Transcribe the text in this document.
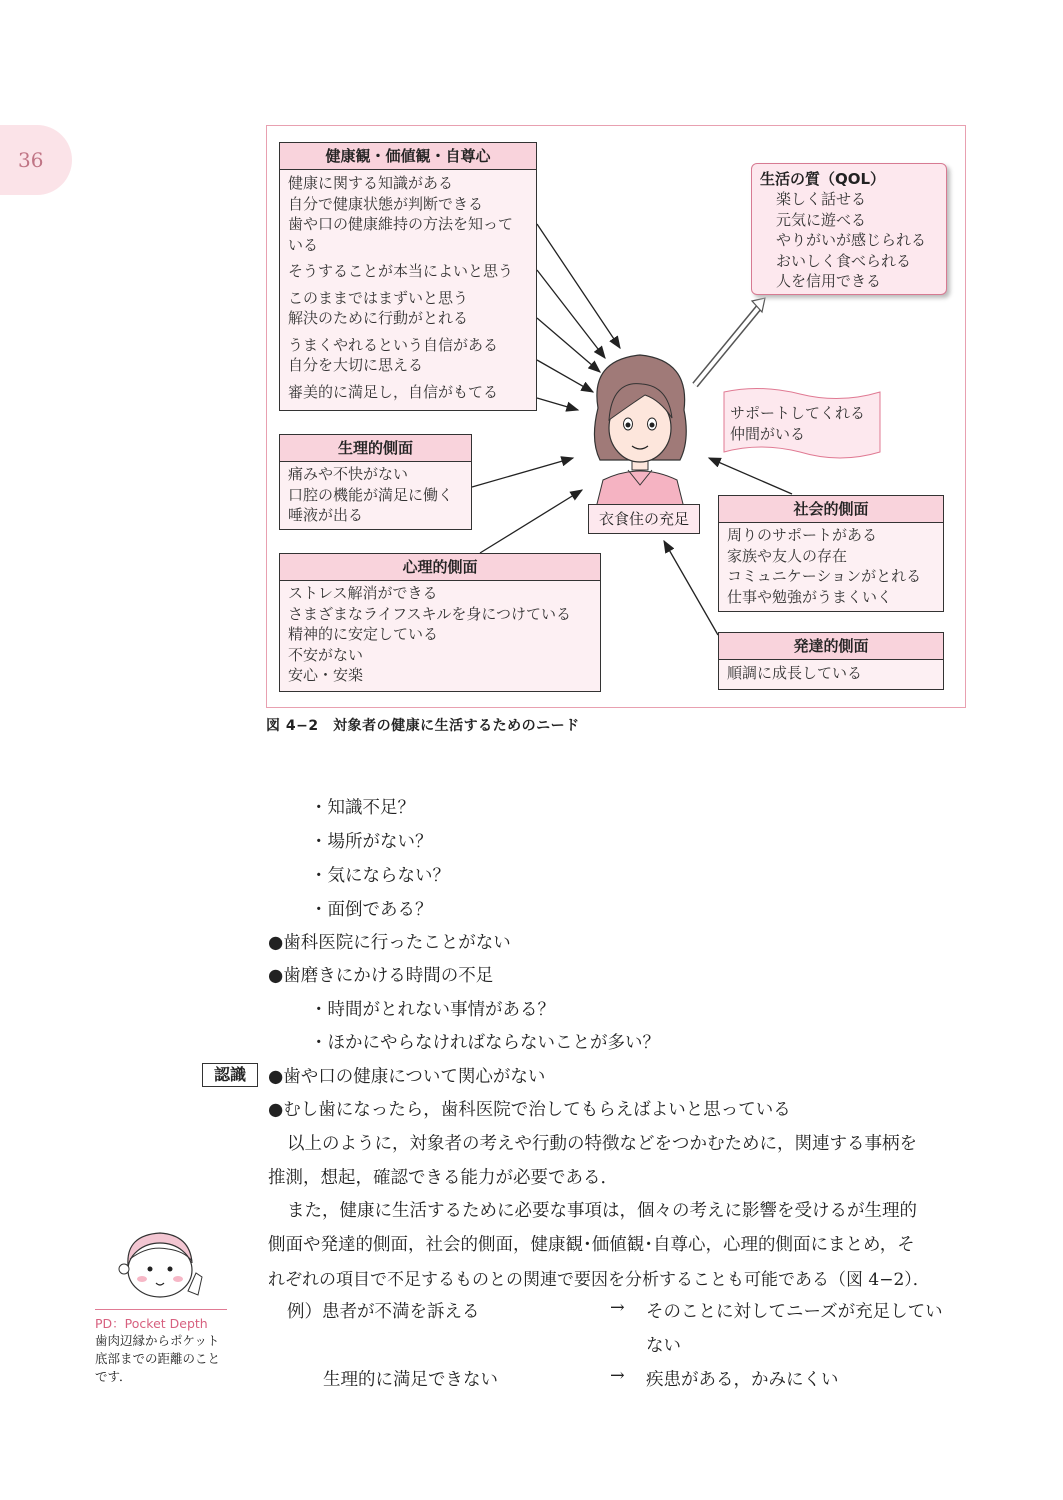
36	健康観・価値観・自尊心
健康に関する知識がある
自分で健康状態が判断できる
歯や口の健康維持の方法を知って
いる
そうすることが本当によいと思う
このままではまずいと思う
解決のために行動がとれる
うまくやれるという自信がある
自分を大切に思える
審美的に満足し，自信がもてる
生理的側面
痛みや不快がない
口腔の機能が満足に働く
唾液が出る
心理的側面
ストレス解消ができる
さまざまなライフスキルを身につけている
精神的に安定している
不安がない
安心・安楽
社会的側面
周りのサポートがある
家族や友人の存在
コミュニケーションがとれる
仕事や勉強がうまくいく
発達的側面
順調に成長している
生活の質（QOL）
楽しく話せる
元気に遊べる
やりがいが感じられる
おいしく食べられる
人を信用できる
サポートしてくれる
仲間がいる
衣食住の充足
図 4−2　対象者の健康に生活するためのニード
・知識不足？
・場所がない？
・気にならない？
・面倒である？
●歯科医院に行ったことがない
●歯磨きにかける時間の不足
・時間がとれない事情がある？
・ほかにやらなければならないことが多い？
認識	●歯や口の健康について関心がない
●むし歯になったら，歯科医院で治してもらえばよいと思っている
以上のように，対象者の考えや行動の特徴などをつかむために，関連する事柄を
推測，想起，確認できる能力が必要である．
また，健康に生活するために必要な事項は，個々の考えに影響を受けるが生理的
側面や発達的側面，社会的側面，健康観･価値観･自尊心，心理的側面にまとめ，そ
れぞれの項目で不足するものとの関連で要因を分析することも可能である（図 4−2）．
例）患者が不満を訴える	→ そのことに対してニーズが充足してい
ない
生理的に満足できない	→ 疾患がある，かみにくい
PD：Pocket Depth
歯肉辺縁からポケット
底部までの距離のこと
です．
